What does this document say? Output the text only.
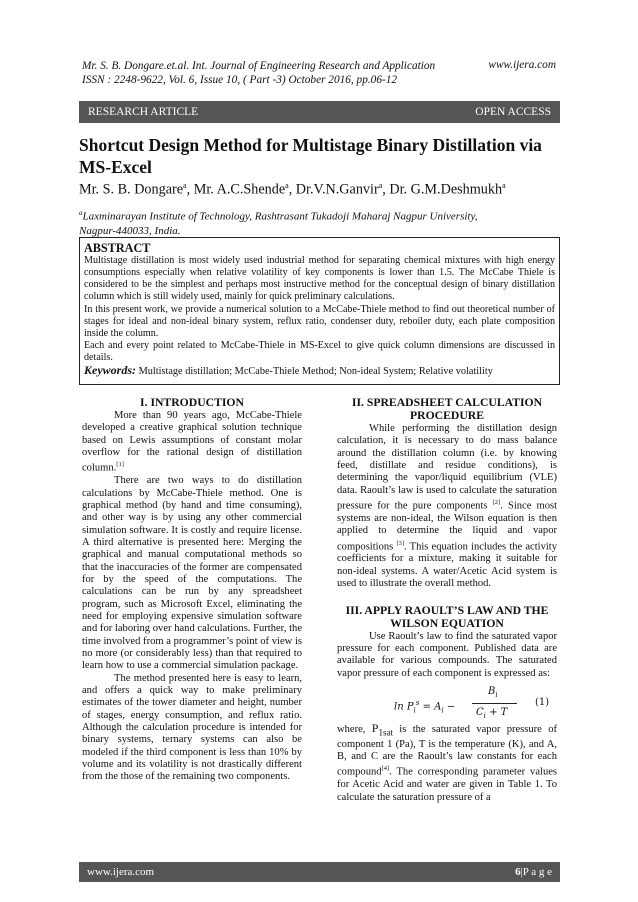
Mr. S. B. Dongare.et.al. Int. Journal of Engineering Research and Application	www.ijera.com
ISSN : 2248-9622, Vol. 6, Issue 10, ( Part -3) October 2016, pp.06-12
RESEARCH ARTICLE	OPEN ACCESS
Shortcut Design Method for Multistage Binary Distillation via MS-Excel
Mr. S. B. Dongare$^a$, Mr. A.C.Shende$^a$, Dr.V.N.Ganvir$^a$, Dr. G.M.Deshmukh$^a$
$^a$Laxminarayan Institute of Technology, Rashtrasant Tukadoji Maharaj Nagpur University,
Nagpur-440033, India.
ABSTRACT

Multistage distillation is most widely used industrial method for separating chemical mixtures with high energy consumptions especially when relative volatility of key components is lower than 1.5. The McCabe Thiele is considered to be the simplest and perhaps most instructive method for the conceptual design of binary distillation column which is still widely used, mainly for quick preliminary calculations.

In this present work, we provide a numerical solution to a McCabe-Thiele method to find out theoretical number of stages for ideal and non-ideal binary system, reflux ratio, condenser duty, reboiler duty, each plate composition inside the column.

Each and every point related to McCabe-Thiele in MS-Excel to give quick column dimensions are discussed in details.

Keywords: Multistage distillation; McCabe-Thiele Method; Non-ideal System; Relative volatility

I. INTRODUCTION

More than 90 years ago, McCabe-Thiele developed a creative graphical solution technique based on Lewis assumptions of constant molar overflow for the rational design of distillation column.[1]

There are two ways to do distillation calculations by McCabe-Thiele method. One is graphical method (by hand and time consuming), and other way is by using any other commercial simulation software. It is costly and require license. A third alternative is presented here: Merging the graphical and manual computational methods so that the inaccuracies of the former are compensated for by the speed of the computations. The calculations can be run by any spreadsheet program, such as Microsoft Excel, eliminating the need for employing expensive simulation software and for laboring over hand calculations. Further, the time involved from a programmer’s point of view is no more (or considerably less) than that required to learn how to use a commercial simulation package.

The method presented here is easy to learn, and offers a quick way to make preliminary estimates of the tower diameter and height, number of stages, energy consumption, and reflux ratio. Although the calculation procedure is intended for binary systems, ternary systems can also be modeled if the third component is less than 10% by volume and its volatility is not drastically different from the those of the remaining two components.

II. SPREADSHEET CALCULATION PROCEDURE

While performing the distillation design calculation, it is necessary to do mass balance around the distillation column (i.e. by knowing feed, distillate and residue conditions), is determining the vapor/liquid equilibrium (VLE) data. Raoult’s law is used to calculate the saturation pressure for the pure components [2]. Since most systems are non-ideal, the Wilson equation is then applied to determine the liquid and vapor compositions [3]. This equation includes the activity coefficients for a mixture, making it suitable for non-ideal systems. A water/Acetic Acid system is used to illustrate the overall method.

III. APPLY RAOULT’S LAW AND THE WILSON EQUATION

Use Raoult’s law to find the saturated vapor pressure for each component. Published data are available for various compounds. The saturated vapor pressure of each component is expressed as:

$\ln P_i^s = A_i$ −
$B_i$
$C_i + T$
(1)

where, $P_{1sat}$ is the saturated vapor pressure of component 1 (Pa), T is the temperature (K), and A, B, and C are the Raoult’s law constants for each compound[4]. The corresponding parameter values for Acetic Acid and water are given in Table 1. To calculate the saturation pressure of a

www.ijera.com	6|P a g e
